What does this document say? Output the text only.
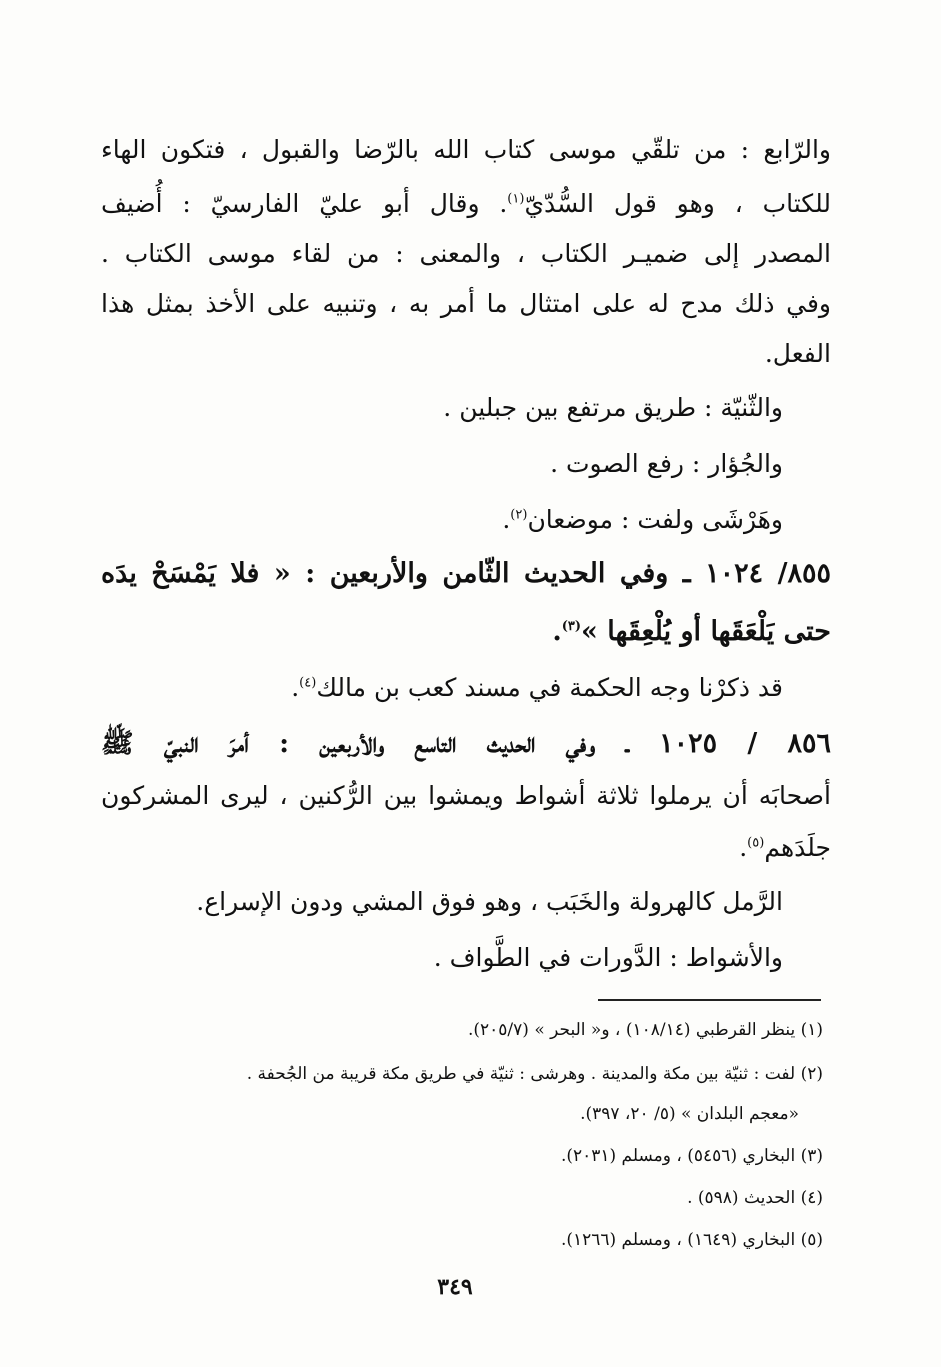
والرّابع : من تلقّي موسى كتاب الله بالرّضا والقبول ، فتكون الهاء
للكتاب ، وهو قول السُّدّيّ$^{(١)}$. وقال أبو عليّ الفارسيّ : أُضيف
المصدر إلى ضميـر الكتاب ، والمعنى : من لقاء موسى الكتاب .
وفي ذلك مدح له على امتثال ما أمر به ، وتنبيه على الأخذ بمثل هذا
الفعل.
والثّنيّة : طريق مرتفع بين جبلين .
والجُؤار : رفع الصوت .
وهَرْشَى ولفت : موضعان$^{(٢)}$.
٨٥٥/ ١٠٢٤ ـ وفي الحديث الثّامن والأربعين : « فلا يَمْسَحْ يدَه
حتى يَلْعَقَها أو يُلْعِقَها »$^{(٣)}$.
قد ذكرْنا وجه الحكمة في مسند كعب بن مالك$^{(٤)}$.
٨٥٦ / ١٠٢٥ ـ وفي الحديث التاسع والأربعين : أمرَ النبيّ ﷺ
أصحابَه أن يرملوا ثلاثة أشواط ويمشوا بين الرُّكنين ، ليرى المشركون
جلَدَهم$^{(٥)}$.
الرَّمل كالهرولة والخَبَب ، وهو فوق المشي ودون الإسراع.
والأشواط : الدَّورات في الطَّواف .
(١) ينظر القرطبي (١٠٨/١٤) ، و« البحر » (٢٠٥/٧).
(٢) لفت : ثنيّة بين مكة والمدينة . وهرشى : ثنيّة في طريق مكة قريبة من الجُحفة .
«معجم البلدان » (٥/ ٢٠، ٣٩٧).
(٣) البخاري (٥٤٥٦) ، ومسلم (٢٠٣١).
(٤) الحديث (٥٩٨) .
(٥) البخاري (١٦٤٩) ، ومسلم (١٢٦٦).
٣٤٩
